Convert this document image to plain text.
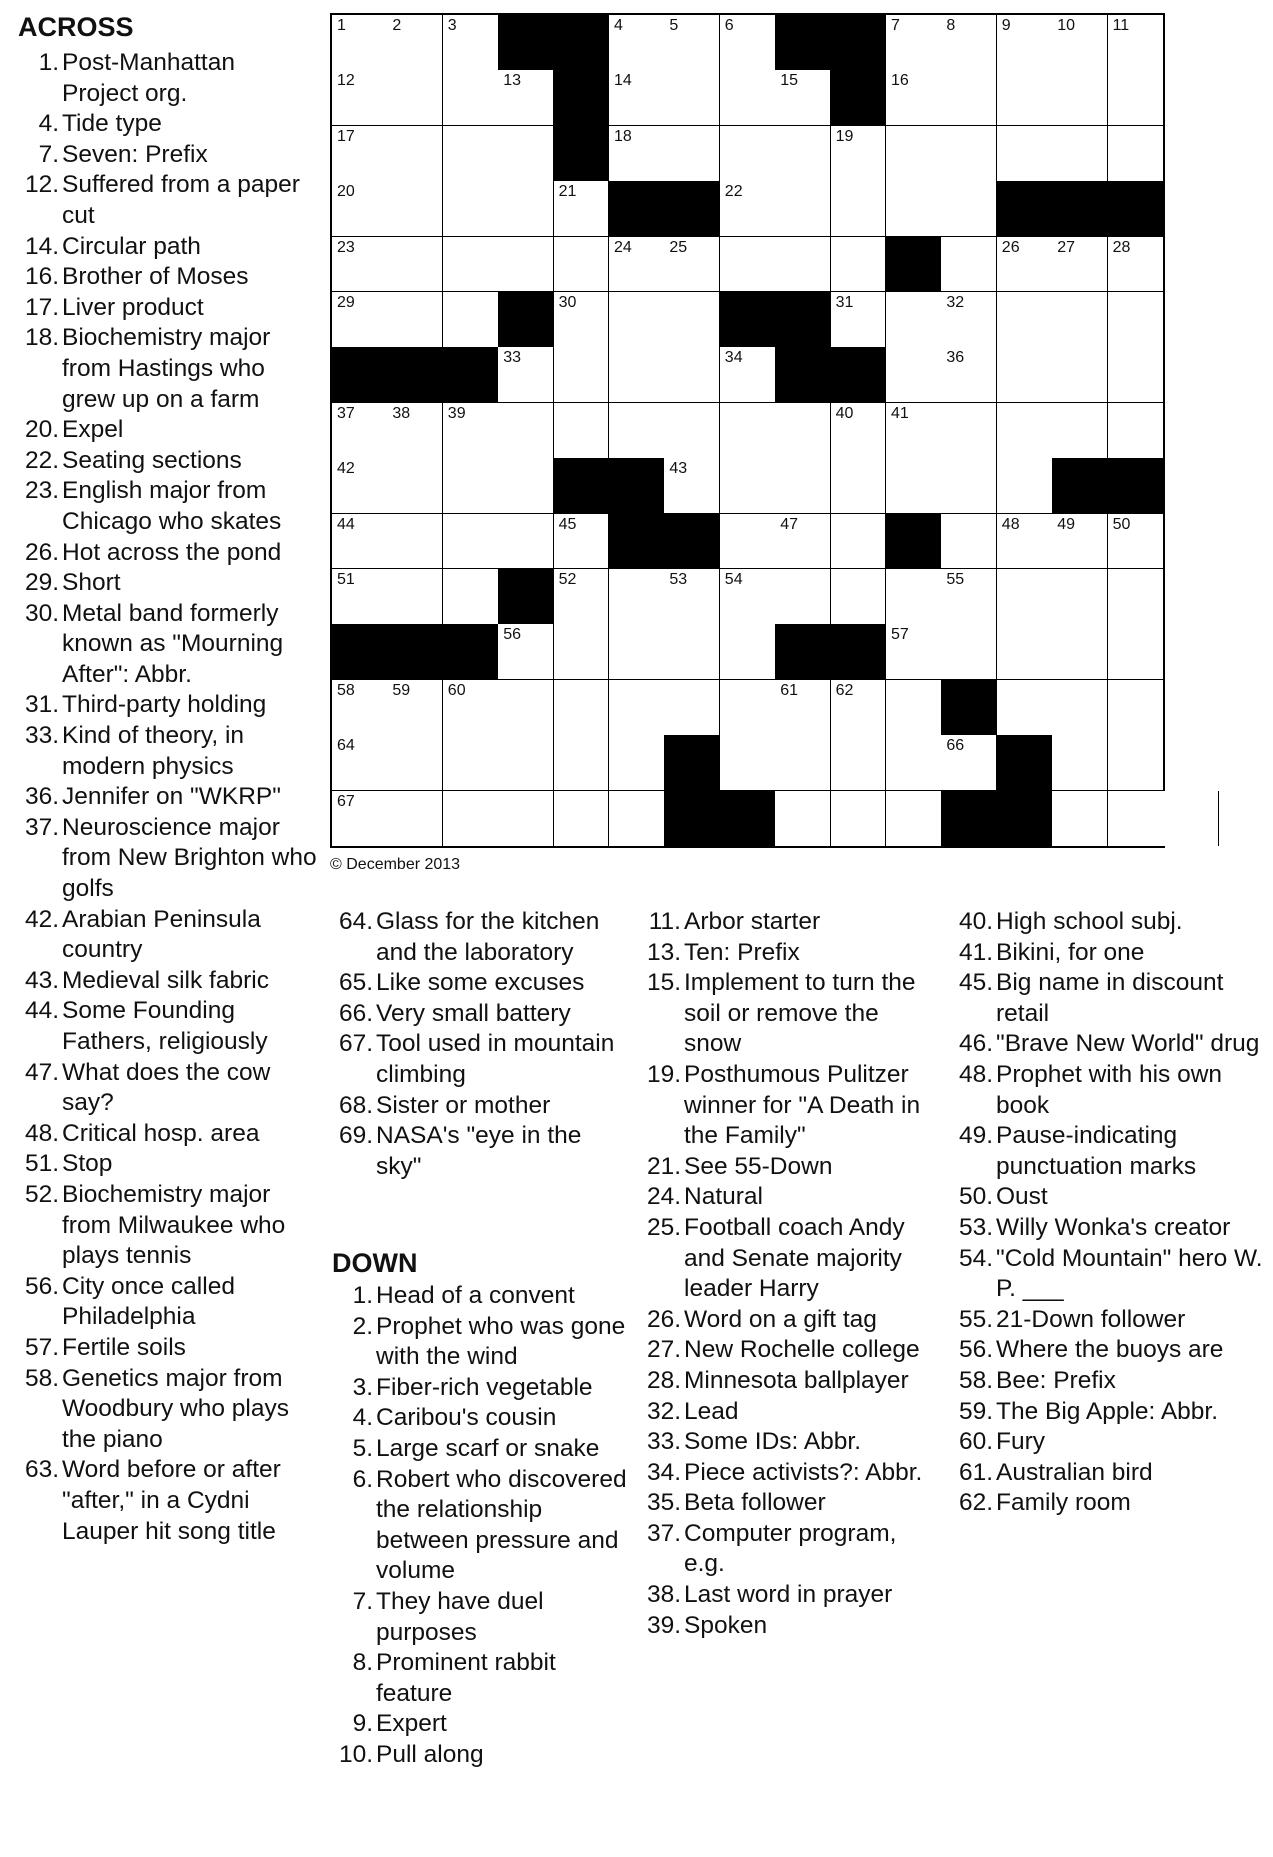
ACROSS
1. Post-Manhattan Project org.
4. Tide type
7. Seven: Prefix
12. Suffered from a paper cut
14. Circular path
16. Brother of Moses
17. Liver product
18. Biochemistry major from Hastings who grew up on a farm
20. Expel
22. Seating sections
23. English major from Chicago who skates
26. Hot across the pond
29. Short
30. Metal band formerly known as "Mourning After": Abbr.
31. Third-party holding
33. Kind of theory, in modern physics
36. Jennifer on "WKRP"
37. Neuroscience major from New Brighton who golfs
42. Arabian Peninsula country
43. Medieval silk fabric
44. Some Founding Fathers, religiously
47. What does the cow say?
48. Critical hosp. area
51. Stop
52. Biochemistry major from Milwaukee who plays tennis
56. City once called Philadelphia
57. Fertile soils
58. Genetics major from Woodbury who plays the piano
63. Word before or after "after," in a Cydni Lauper hit song title
1	2	3	4	5	6	7	8	9	10 11
12	13	14	15	16
17	18	19
20	21	22
23	24 25	26 27 28
29	30	31	32
33	34	36
37 38 39	40 41
42	43
44	45	47	48 49 50
51	52	53 54	55
56	57
58 59 60	61 62
64	66
67
© December 2013
64. Glass for the kitchen and the laboratory
65. Like some excuses
66. Very small battery
67. Tool used in mountain climbing
68. Sister or mother
69. NASA's "eye in the sky"
DOWN
1. Head of a convent
2. Prophet who was gone with the wind
3. Fiber-rich vegetable
4. Caribou's cousin
5. Large scarf or snake
6. Robert who discovered the relationship between pressure and volume
7. They have duel purposes
8. Prominent rabbit feature
9. Expert
10. Pull along
11. Arbor starter
13. Ten: Prefix
15. Implement to turn the soil or remove the snow
19. Posthumous Pulitzer winner for "A Death in the Family"
21. See 55-Down
24. Natural
25. Football coach Andy and Senate majority leader Harry
26. Word on a gift tag
27. New Rochelle college
28. Minnesota ballplayer
32. Lead
33. Some IDs: Abbr.
34. Piece activists?: Abbr.
35. Beta follower
37. Computer program, e.g.
38. Last word in prayer
39. Spoken
40. High school subj.
41. Bikini, for one
45. Big name in discount retail
46. "Brave New World" drug
48. Prophet with his own book
49. Pause-indicating punctuation marks
50. Oust
53. Willy Wonka's creator
54. "Cold Mountain" hero W. P. ___
55. 21-Down follower
56. Where the buoys are
58. Bee: Prefix
59. The Big Apple: Abbr.
60. Fury
61. Australian bird
62. Family room
